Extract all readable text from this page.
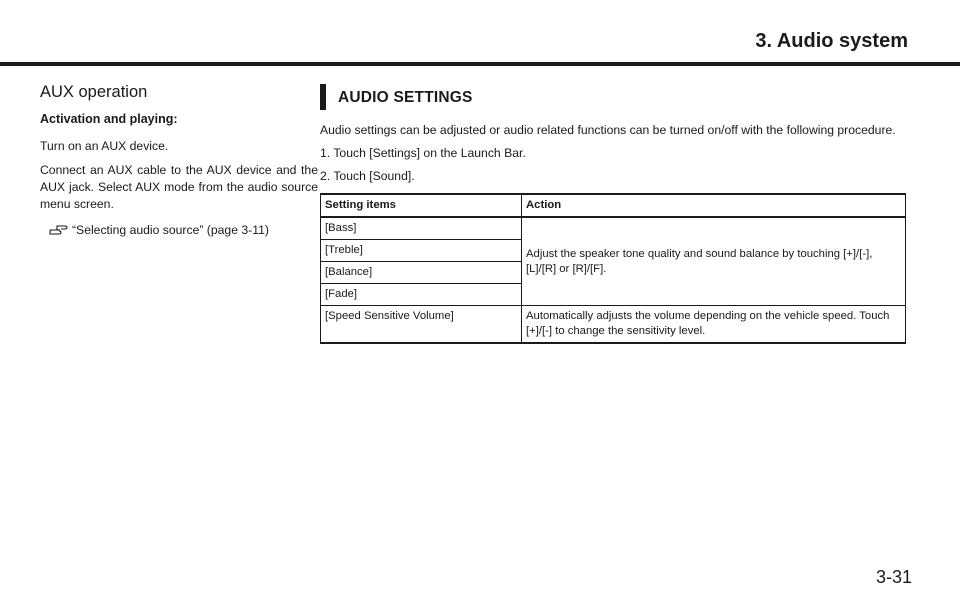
3. Audio system
AUX operation
Activation and playing:

Turn on an AUX device.

Connect an AUX cable to the AUX device and the AUX jack. Select AUX mode from the audio source menu screen.

“Selecting audio source” (page 3-11)
AUDIO SETTINGS

Audio settings can be adjusted or audio related functions can be turned on/off with the following procedure.

1. Touch [Settings] on the Launch Bar.

2. Touch [Sound].

Setting items	Action
[Bass]	Adjust the speaker tone quality and sound balance by touching [+]/[-], [L]/[R] or [R]/[F].
[Treble]	
[Balance]	
[Fade]	
[Speed Sensitive Volume]	Automatically adjusts the volume depending on the vehicle speed. Touch [+]/[-] to change the sensitivity level.
3-31
